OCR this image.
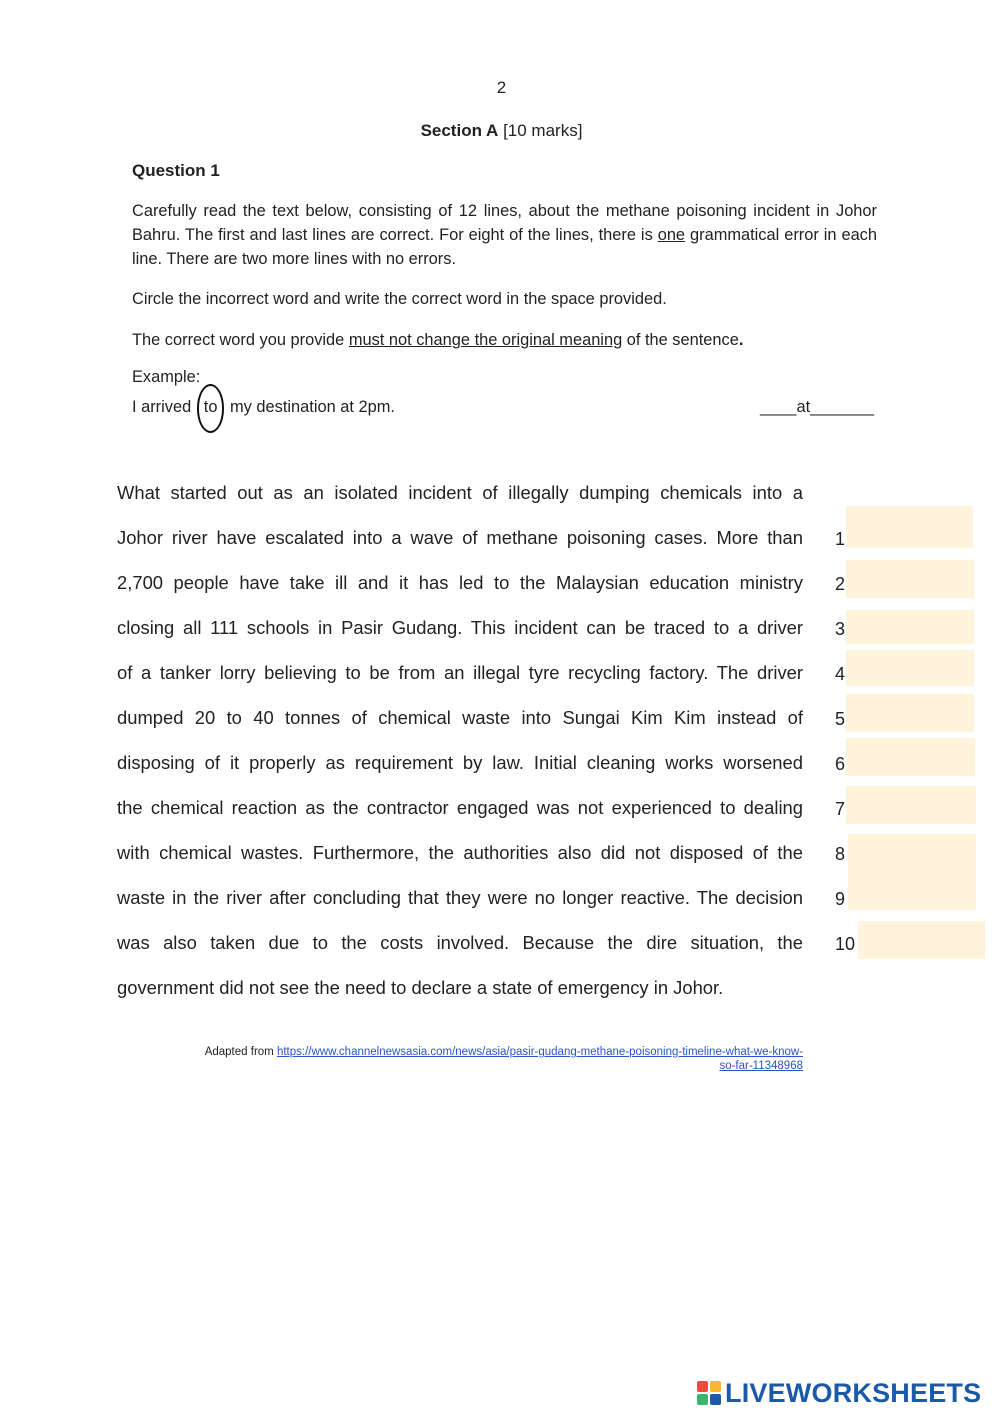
2
Section A [10 marks]
Question 1
Carefully read the text below, consisting of 12 lines, about the methane poisoning incident in Johor Bahru. The first and last lines are correct. For eight of the lines, there is one grammatical error in each line. There are two more lines with no errors.
Circle the incorrect word and write the correct word in the space provided.
The correct word you provide must not change the original meaning of the sentence.
Example:
I arrived to my destination at 2pm.	____at_______
What started out as an isolated incident of illegally dumping chemicals into a
Johor river have escalated into a wave of methane poisoning cases. More than
2,700 people have take ill and it has led to the Malaysian education ministry
closing all 111 schools in Pasir Gudang. This incident can be traced to a driver
of a tanker lorry believing to be from an illegal tyre recycling factory. The driver
dumped 20 to 40 tonnes of chemical waste into Sungai Kim Kim instead of
disposing of it properly as requirement by law. Initial cleaning works worsened
the chemical reaction as the contractor engaged was not experienced to dealing
with chemical wastes. Furthermore, the authorities also did not disposed of the
waste in the river after concluding that they were no longer reactive. The decision
was also taken due to the costs involved. Because the dire situation, the
government did not see the need to declare a state of emergency in Johor.
1
2
3
4
5
6
7
8
9
10
Adapted from https://www.channelnewsasia.com/news/asia/pasir-gudang-methane-poisoning-timeline-what-we-know-
so-far-11348968
LIVEWORKSHEETS
